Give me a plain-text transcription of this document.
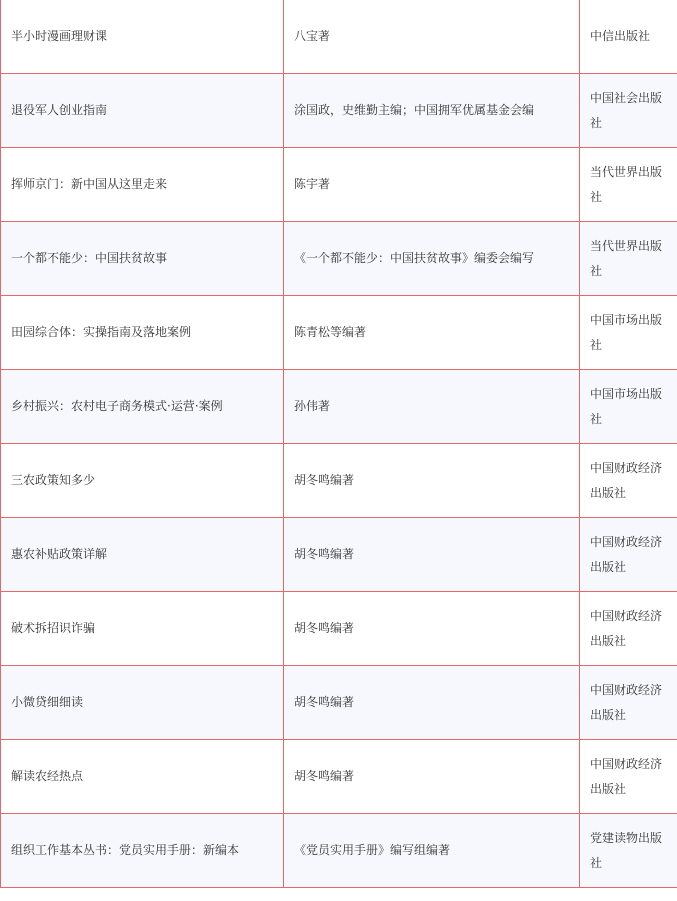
半小时漫画理财课	八宝著	中信出版社
退役军人创业指南	涂国政，史维勤主编；中国拥军优属基金会编	中国社会出版社
挥师京门：新中国从这里走来	陈宇著	当代世界出版社
一个都不能少：中国扶贫故事	《一个都不能少：中国扶贫故事》编委会编写	当代世界出版社
田园综合体：实操指南及落地案例	陈青松等编著	中国市场出版社
乡村振兴：农村电子商务模式·运营·案例	孙伟著	中国市场出版社
三农政策知多少	胡冬鸣编著	中国财政经济出版社
惠农补贴政策详解	胡冬鸣编著	中国财政经济出版社
破术拆招识诈骗	胡冬鸣编著	中国财政经济出版社
小微贷细细读	胡冬鸣编著	中国财政经济出版社
解读农经热点	胡冬鸣编著	中国财政经济出版社
组织工作基本丛书：党员实用手册：新编本	《党员实用手册》编写组编著	党建读物出版社
